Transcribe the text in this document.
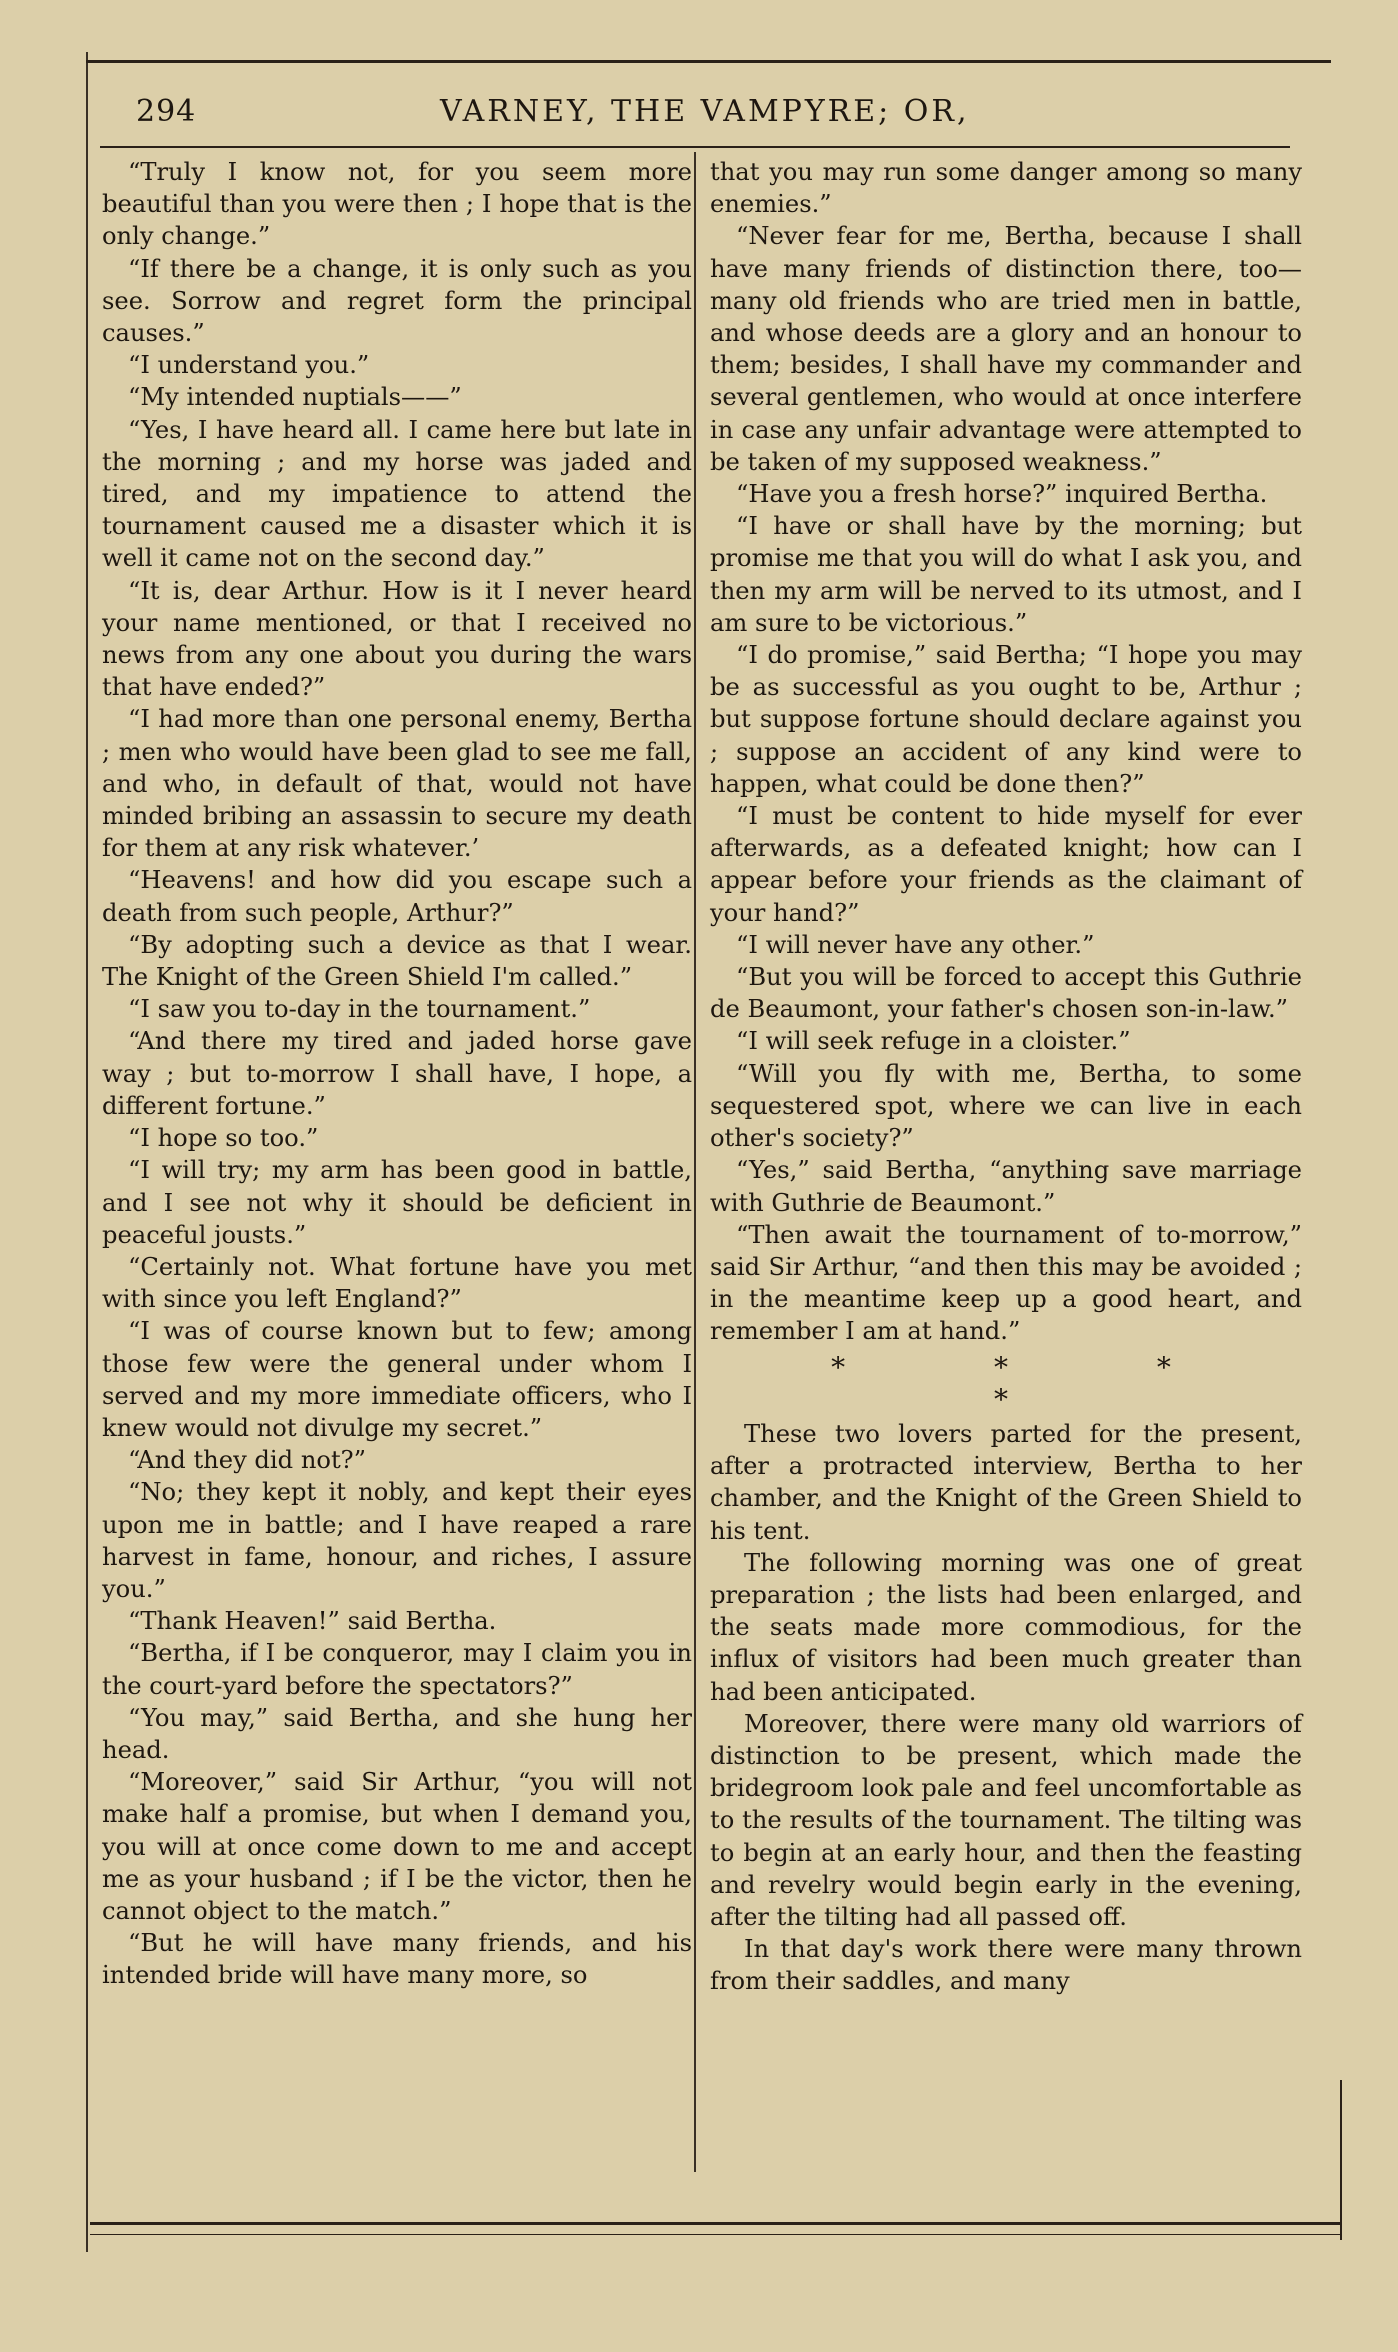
294	VARNEY, THE VAMPYRE; OR,

“Truly I know not, for you seem more beautiful than you were then ; I hope that is the only change.”

“If there be a change, it is only such as you see. Sorrow and regret form the principal causes.”

“I understand you.”

“My intended nuptials——”

“Yes, I have heard all. I came here but late in the morning ; and my horse was jaded and tired, and my impatience to attend the tournament caused me a disaster which it is well it came not on the second day.”

“It is, dear Arthur. How is it I never heard your name mentioned, or that I received no news from any one about you during the wars that have ended?”

“I had more than one personal enemy, Bertha ; men who would have been glad to see me fall, and who, in default of that, would not have minded bribing an assassin to secure my death for them at any risk whatever.’

“Heavens! and how did you escape such a death from such people, Arthur?”

“By adopting such a device as that I wear. The Knight of the Green Shield I'm called.”

“I saw you to-day in the tournament.”

“And there my tired and jaded horse gave way ; but to-morrow I shall have, I hope, a different fortune.”

“I hope so too.”

“I will try; my arm has been good in battle, and I see not why it should be deficient in peaceful jousts.”

“Certainly not. What fortune have you met with since you left England?”

“I was of course known but to few; among those few were the general under whom I served and my more immediate officers, who I knew would not divulge my secret.”

“And they did not?”

“No; they kept it nobly, and kept their eyes upon me in battle; and I have reaped a rare harvest in fame, honour, and riches, I assure you.”

“Thank Heaven!” said Bertha.

“Bertha, if I be conqueror, may I claim you in the court-yard before the spectators?”

“You may,” said Bertha, and she hung her head.

“Moreover,” said Sir Arthur, “you will not make half a promise, but when I demand you, you will at once come down to me and accept me as your husband ; if I be the victor, then he cannot object to the match.”

“But he will have many friends, and his intended bride will have many more, so

that you may run some danger among so many enemies.”

“Never fear for me, Bertha, because I shall have many friends of distinction there, too—many old friends who are tried men in battle, and whose deeds are a glory and an honour to them; besides, I shall have my commander and several gentlemen, who would at once interfere in case any unfair advantage were attempted to be taken of my supposed weakness.”

“Have you a fresh horse?” inquired Bertha.

“I have or shall have by the morning; but promise me that you will do what I ask you, and then my arm will be nerved to its utmost, and I am sure to be victorious.”

“I do promise,” said Bertha; “I hope you may be as successful as you ought to be, Arthur ; but suppose fortune should declare against you ; suppose an accident of any kind were to happen, what could be done then?”

“I must be content to hide myself for ever afterwards, as a defeated knight; how can I appear before your friends as the claimant of your hand?”

“I will never have any other.”

“But you will be forced to accept this Guthrie de Beaumont, your father's chosen son-in-law.”

“I will seek refuge in a cloister.”

“Will you fly with me, Bertha, to some sequestered spot, where we can live in each other's society?”

“Yes,” said Bertha, “anything save marriage with Guthrie de Beaumont.”

“Then await the tournament of to-morrow,” said Sir Arthur, “and then this may be avoided ; in the meantime keep up a good heart, and remember I am at hand.”

* * * *

These two lovers parted for the present, after a protracted interview, Bertha to her chamber, and the Knight of the Green Shield to his tent.

The following morning was one of great preparation ; the lists had been enlarged, and the seats made more commodious, for the influx of visitors had been much greater than had been anticipated.

Moreover, there were many old warriors of distinction to be present, which made the bridegroom look pale and feel uncomfortable as to the results of the tournament. The tilting was to begin at an early hour, and then the feasting and revelry would begin early in the evening, after the tilting had all passed off.

In that day's work there were many thrown from their saddles, and many
